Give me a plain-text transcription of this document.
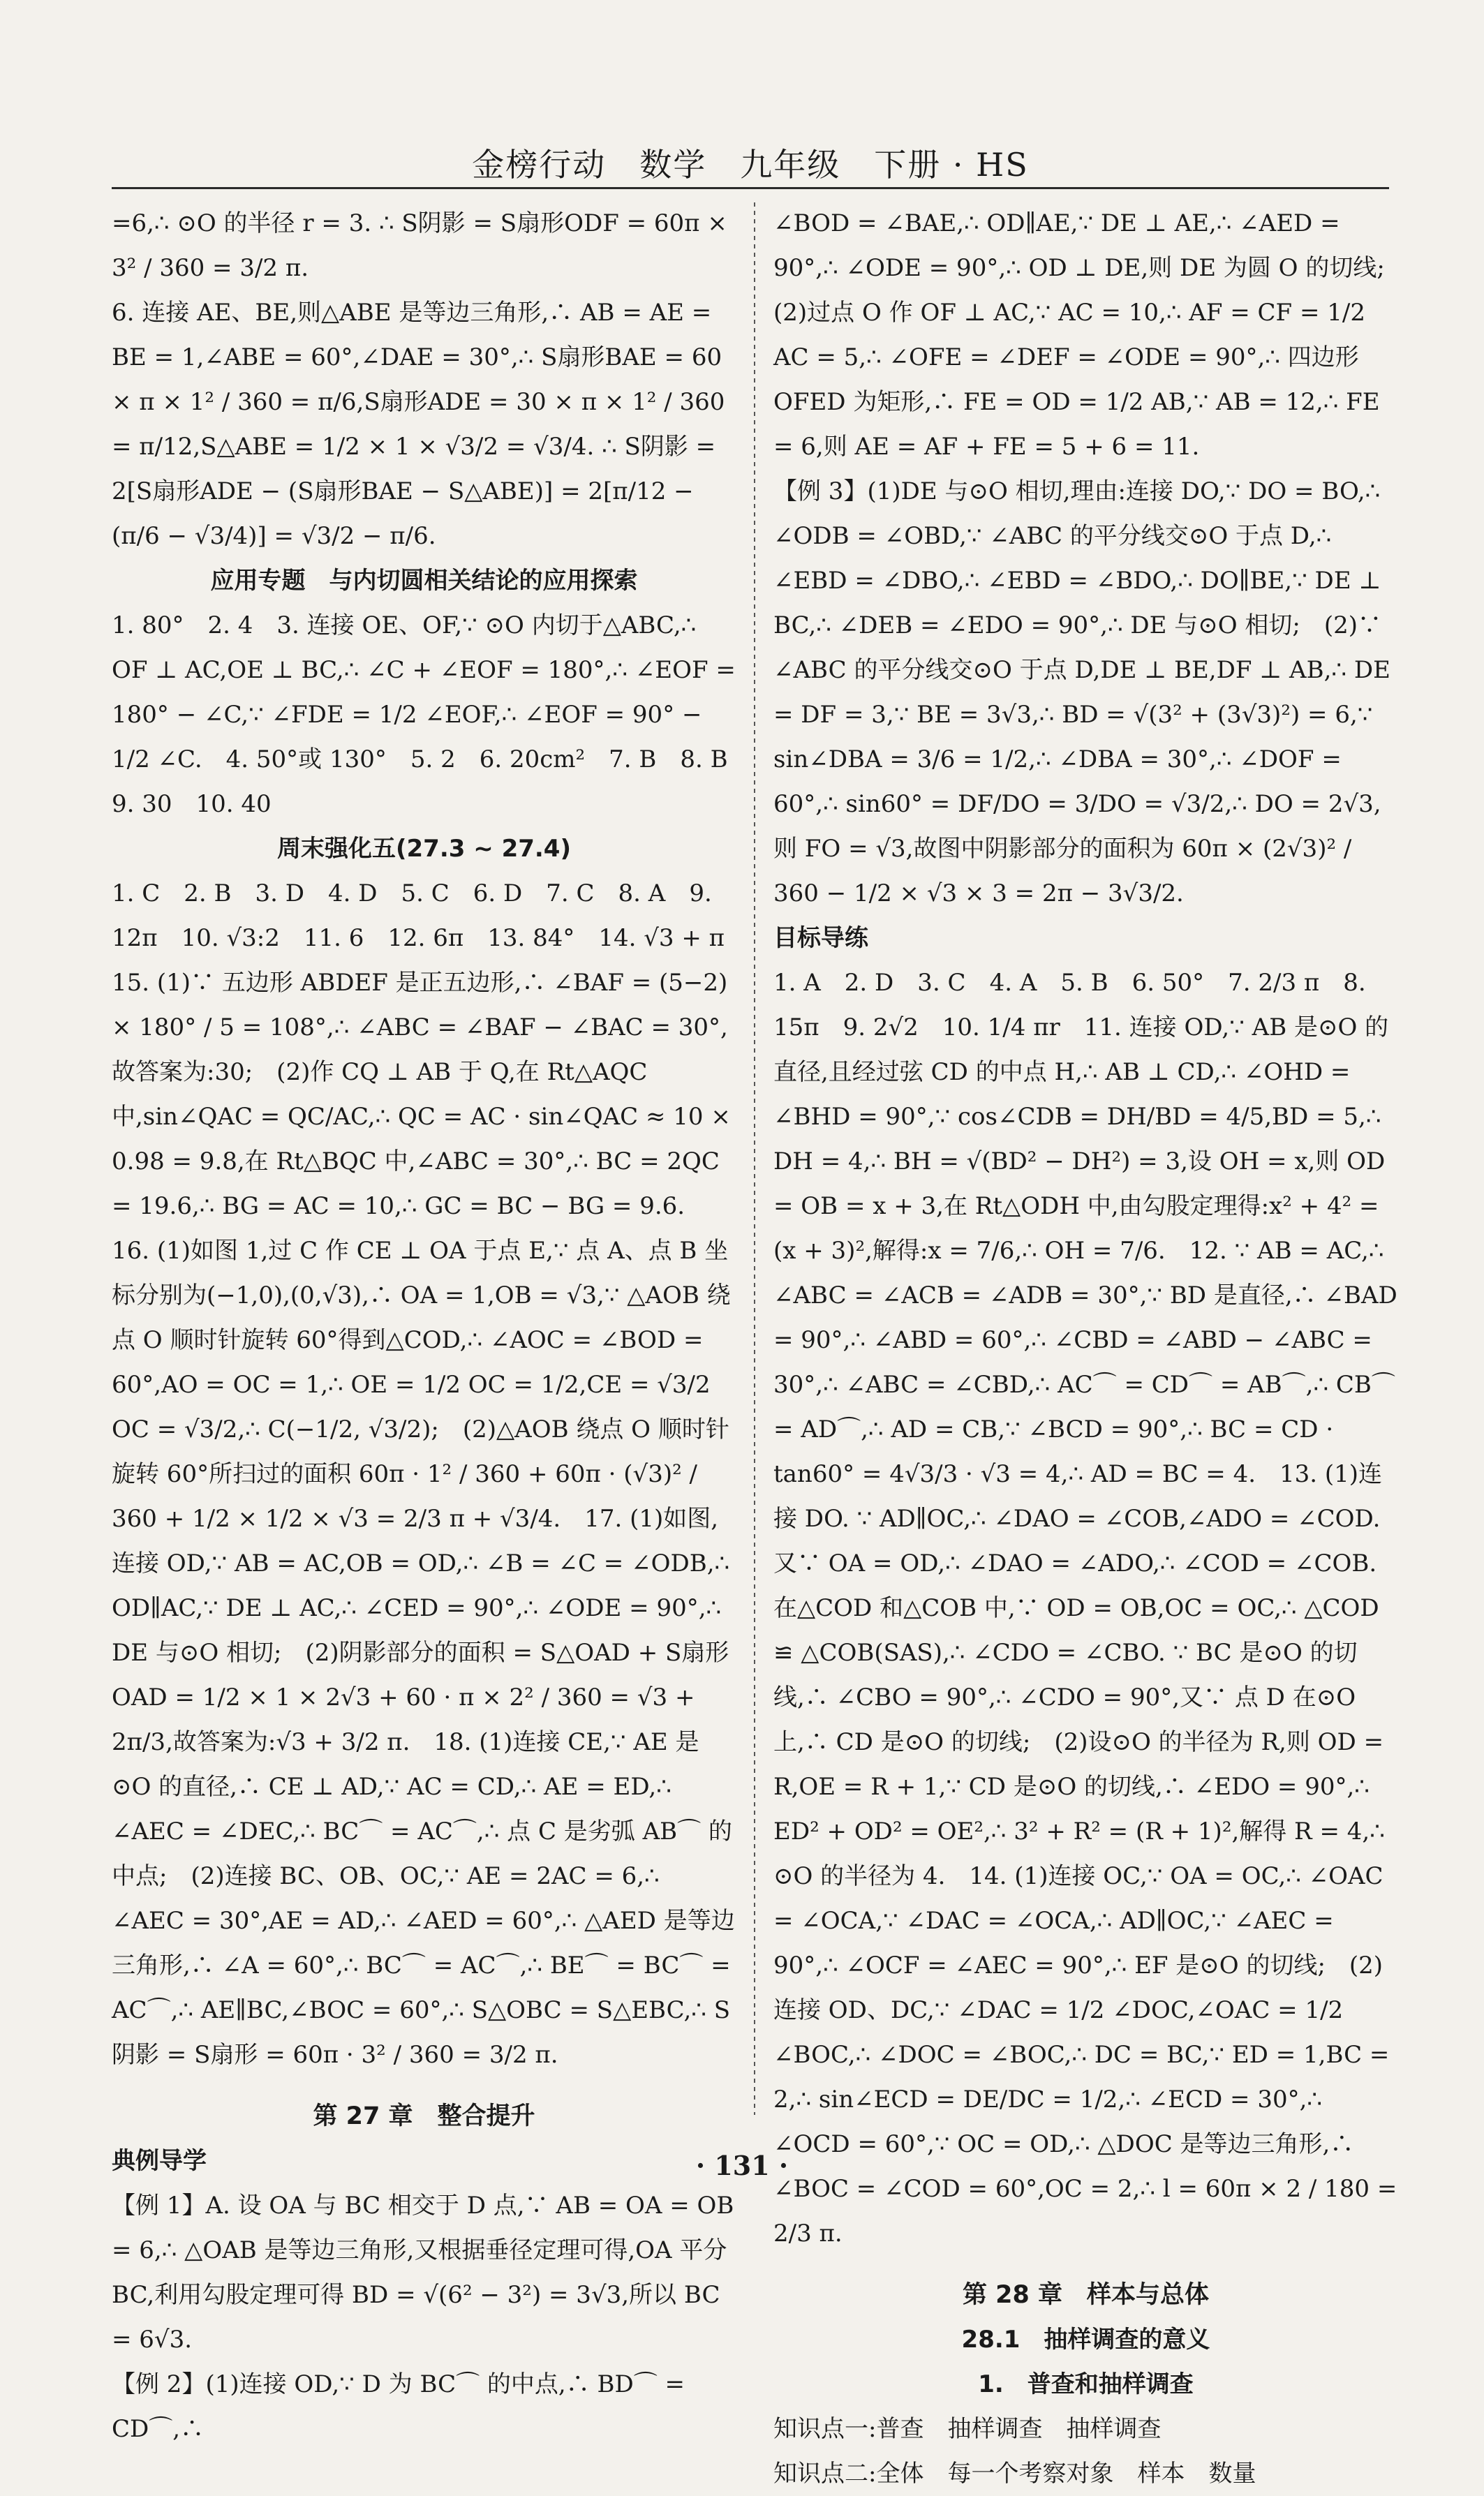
金榜行动　数学　九年级　下册 · HS

=6,∴ ⊙O 的半径 r = 3. ∴ S阴影 = S扇形ODF = 60π × 3² / 360 = 3/2 π.

6. 连接 AE、BE,则△ABE 是等边三角形,∴ AB = AE = BE = 1,∠ABE = 60°,∠DAE = 30°,∴ S扇形BAE = 60 × π × 1² / 360 = π/6,S扇形ADE = 30 × π × 1² / 360 = π/12,S△ABE = 1/2 × 1 × √3/2 = √3/4. ∴ S阴影 = 2[S扇形ADE − (S扇形BAE − S△ABE)] = 2[π/12 − (π/6 − √3/4)] = √3/2 − π/6.

应用专题　与内切圆相关结论的应用探索

1. 80°　2. 4　3. 连接 OE、OF,∵ ⊙O 内切于△ABC,∴ OF ⊥ AC,OE ⊥ BC,∴ ∠C + ∠EOF = 180°,∴ ∠EOF = 180° − ∠C,∵ ∠FDE = 1/2 ∠EOF,∴ ∠EOF = 90° − 1/2 ∠C.　4. 50°或 130°　5. 2　6. 20cm²　7. B　8. B　9. 30　10. 40

周末强化五(27.3 ~ 27.4)

1. C　2. B　3. D　4. D　5. C　6. D　7. C　8. A　9. 12π　10. √3:2　11. 6　12. 6π　13. 84°　14. √3 + π　15. (1)∵ 五边形 ABDEF 是正五边形,∴ ∠BAF = (5−2) × 180° / 5 = 108°,∴ ∠ABC = ∠BAF − ∠BAC = 30°,故答案为:30;　(2)作 CQ ⊥ AB 于 Q,在 Rt△AQC 中,sin∠QAC = QC/AC,∴ QC = AC · sin∠QAC ≈ 10 × 0.98 = 9.8,在 Rt△BQC 中,∠ABC = 30°,∴ BC = 2QC = 19.6,∴ BG = AC = 10,∴ GC = BC − BG = 9.6.

16. (1)如图 1,过 C 作 CE ⊥ OA 于点 E,∵ 点 A、点 B 坐标分别为(−1,0),(0,√3),∴ OA = 1,OB = √3,∵ △AOB 绕点 O 顺时针旋转 60°得到△COD,∴ ∠AOC = ∠BOD = 60°,AO = OC = 1,∴ OE = 1/2 OC = 1/2,CE = √3/2 OC = √3/2,∴ C(−1/2, √3/2);　(2)△AOB 绕点 O 顺时针旋转 60°所扫过的面积 60π · 1² / 360 + 60π · (√3)² / 360 + 1/2 × 1/2 × √3 = 2/3 π + √3/4.　17. (1)如图,连接 OD,∵ AB = AC,OB = OD,∴ ∠B = ∠C = ∠ODB,∴ OD∥AC,∵ DE ⊥ AC,∴ ∠CED = 90°,∴ ∠ODE = 90°,∴ DE 与⊙O 相切;　(2)阴影部分的面积 = S△OAD + S扇形OAD = 1/2 × 1 × 2√3 + 60 · π × 2² / 360 = √3 + 2π/3,故答案为:√3 + 3/2 π.　18. (1)连接 CE,∵ AE 是⊙O 的直径,∴ CE ⊥ AD,∵ AC = CD,∴ AE = ED,∴ ∠AEC = ∠DEC,∴ BC⌒ = AC⌒,∴ 点 C 是劣弧 AB⌒ 的中点;　(2)连接 BC、OB、OC,∵ AE = 2AC = 6,∴ ∠AEC = 30°,AE = AD,∴ ∠AED = 60°,∴ △AED 是等边三角形,∴ ∠A = 60°,∴ BC⌒ = AC⌒,∴ BE⌒ = BC⌒ = AC⌒,∴ AE∥BC,∠BOC = 60°,∴ S△OBC = S△EBC,∴ S阴影 = S扇形 = 60π · 3² / 360 = 3/2 π.

第 27 章　整合提升

典例导学

【例 1】A. 设 OA 与 BC 相交于 D 点,∵ AB = OA = OB = 6,∴ △OAB 是等边三角形,又根据垂径定理可得,OA 平分 BC,利用勾股定理可得 BD = √(6² − 3²) = 3√3,所以 BC = 6√3.

【例 2】(1)连接 OD,∵ D 为 BC⌒ 的中点,∴ BD⌒ = CD⌒,∴

∠BOD = ∠BAE,∴ OD∥AE,∵ DE ⊥ AE,∴ ∠AED = 90°,∴ ∠ODE = 90°,∴ OD ⊥ DE,则 DE 为圆 O 的切线;　(2)过点 O 作 OF ⊥ AC,∵ AC = 10,∴ AF = CF = 1/2 AC = 5,∴ ∠OFE = ∠DEF = ∠ODE = 90°,∴ 四边形 OFED 为矩形,∴ FE = OD = 1/2 AB,∵ AB = 12,∴ FE = 6,则 AE = AF + FE = 5 + 6 = 11.

【例 3】(1)DE 与⊙O 相切,理由:连接 DO,∵ DO = BO,∴ ∠ODB = ∠OBD,∵ ∠ABC 的平分线交⊙O 于点 D,∴ ∠EBD = ∠DBO,∴ ∠EBD = ∠BDO,∴ DO∥BE,∵ DE ⊥ BC,∴ ∠DEB = ∠EDO = 90°,∴ DE 与⊙O 相切;　(2)∵ ∠ABC 的平分线交⊙O 于点 D,DE ⊥ BE,DF ⊥ AB,∴ DE = DF = 3,∵ BE = 3√3,∴ BD = √(3² + (3√3)²) = 6,∵ sin∠DBA = 3/6 = 1/2,∴ ∠DBA = 30°,∴ ∠DOF = 60°,∴ sin60° = DF/DO = 3/DO = √3/2,∴ DO = 2√3,则 FO = √3,故图中阴影部分的面积为 60π × (2√3)² / 360 − 1/2 × √3 × 3 = 2π − 3√3/2.

目标导练

1. A　2. D　3. C　4. A　5. B　6. 50°　7. 2/3 π　8. 15π　9. 2√2　10. 1/4 πr　11. 连接 OD,∵ AB 是⊙O 的直径,且经过弦 CD 的中点 H,∴ AB ⊥ CD,∴ ∠OHD = ∠BHD = 90°,∵ cos∠CDB = DH/BD = 4/5,BD = 5,∴ DH = 4,∴ BH = √(BD² − DH²) = 3,设 OH = x,则 OD = OB = x + 3,在 Rt△ODH 中,由勾股定理得:x² + 4² = (x + 3)²,解得:x = 7/6,∴ OH = 7/6.　12. ∵ AB = AC,∴ ∠ABC = ∠ACB = ∠ADB = 30°,∵ BD 是直径,∴ ∠BAD = 90°,∴ ∠ABD = 60°,∴ ∠CBD = ∠ABD − ∠ABC = 30°,∴ ∠ABC = ∠CBD,∴ AC⌒ = CD⌒ = AB⌒,∴ CB⌒ = AD⌒,∴ AD = CB,∵ ∠BCD = 90°,∴ BC = CD · tan60° = 4√3/3 · √3 = 4,∴ AD = BC = 4.　13. (1)连接 DO. ∵ AD∥OC,∴ ∠DAO = ∠COB,∠ADO = ∠COD. 又∵ OA = OD,∴ ∠DAO = ∠ADO,∴ ∠COD = ∠COB. 在△COD 和△COB 中,∵ OD = OB,OC = OC,∴ △COD ≌ △COB(SAS),∴ ∠CDO = ∠CBO. ∵ BC 是⊙O 的切线,∴ ∠CBO = 90°,∴ ∠CDO = 90°,又∵ 点 D 在⊙O 上,∴ CD 是⊙O 的切线;　(2)设⊙O 的半径为 R,则 OD = R,OE = R + 1,∵ CD 是⊙O 的切线,∴ ∠EDO = 90°,∴ ED² + OD² = OE²,∴ 3² + R² = (R + 1)²,解得 R = 4,∴ ⊙O 的半径为 4.　14. (1)连接 OC,∵ OA = OC,∴ ∠OAC = ∠OCA,∵ ∠DAC = ∠OCA,∴ AD∥OC,∵ ∠AEC = 90°,∴ ∠OCF = ∠AEC = 90°,∴ EF 是⊙O 的切线;　(2)连接 OD、DC,∵ ∠DAC = 1/2 ∠DOC,∠OAC = 1/2 ∠BOC,∴ ∠DOC = ∠BOC,∴ DC = BC,∵ ED = 1,BC = 2,∴ sin∠ECD = DE/DC = 1/2,∴ ∠ECD = 30°,∴ ∠OCD = 60°,∵ OC = OD,∴ △DOC 是等边三角形,∴ ∠BOC = ∠COD = 60°,OC = 2,∴ l = 60π × 2 / 180 = 2/3 π.

第 28 章　样本与总体

28.1　抽样调查的意义

1.　普查和抽样调查

知识点一:普查　抽样调查　抽样调查

知识点二:全体　每一个考察对象　样本　数量

· 131 ·
